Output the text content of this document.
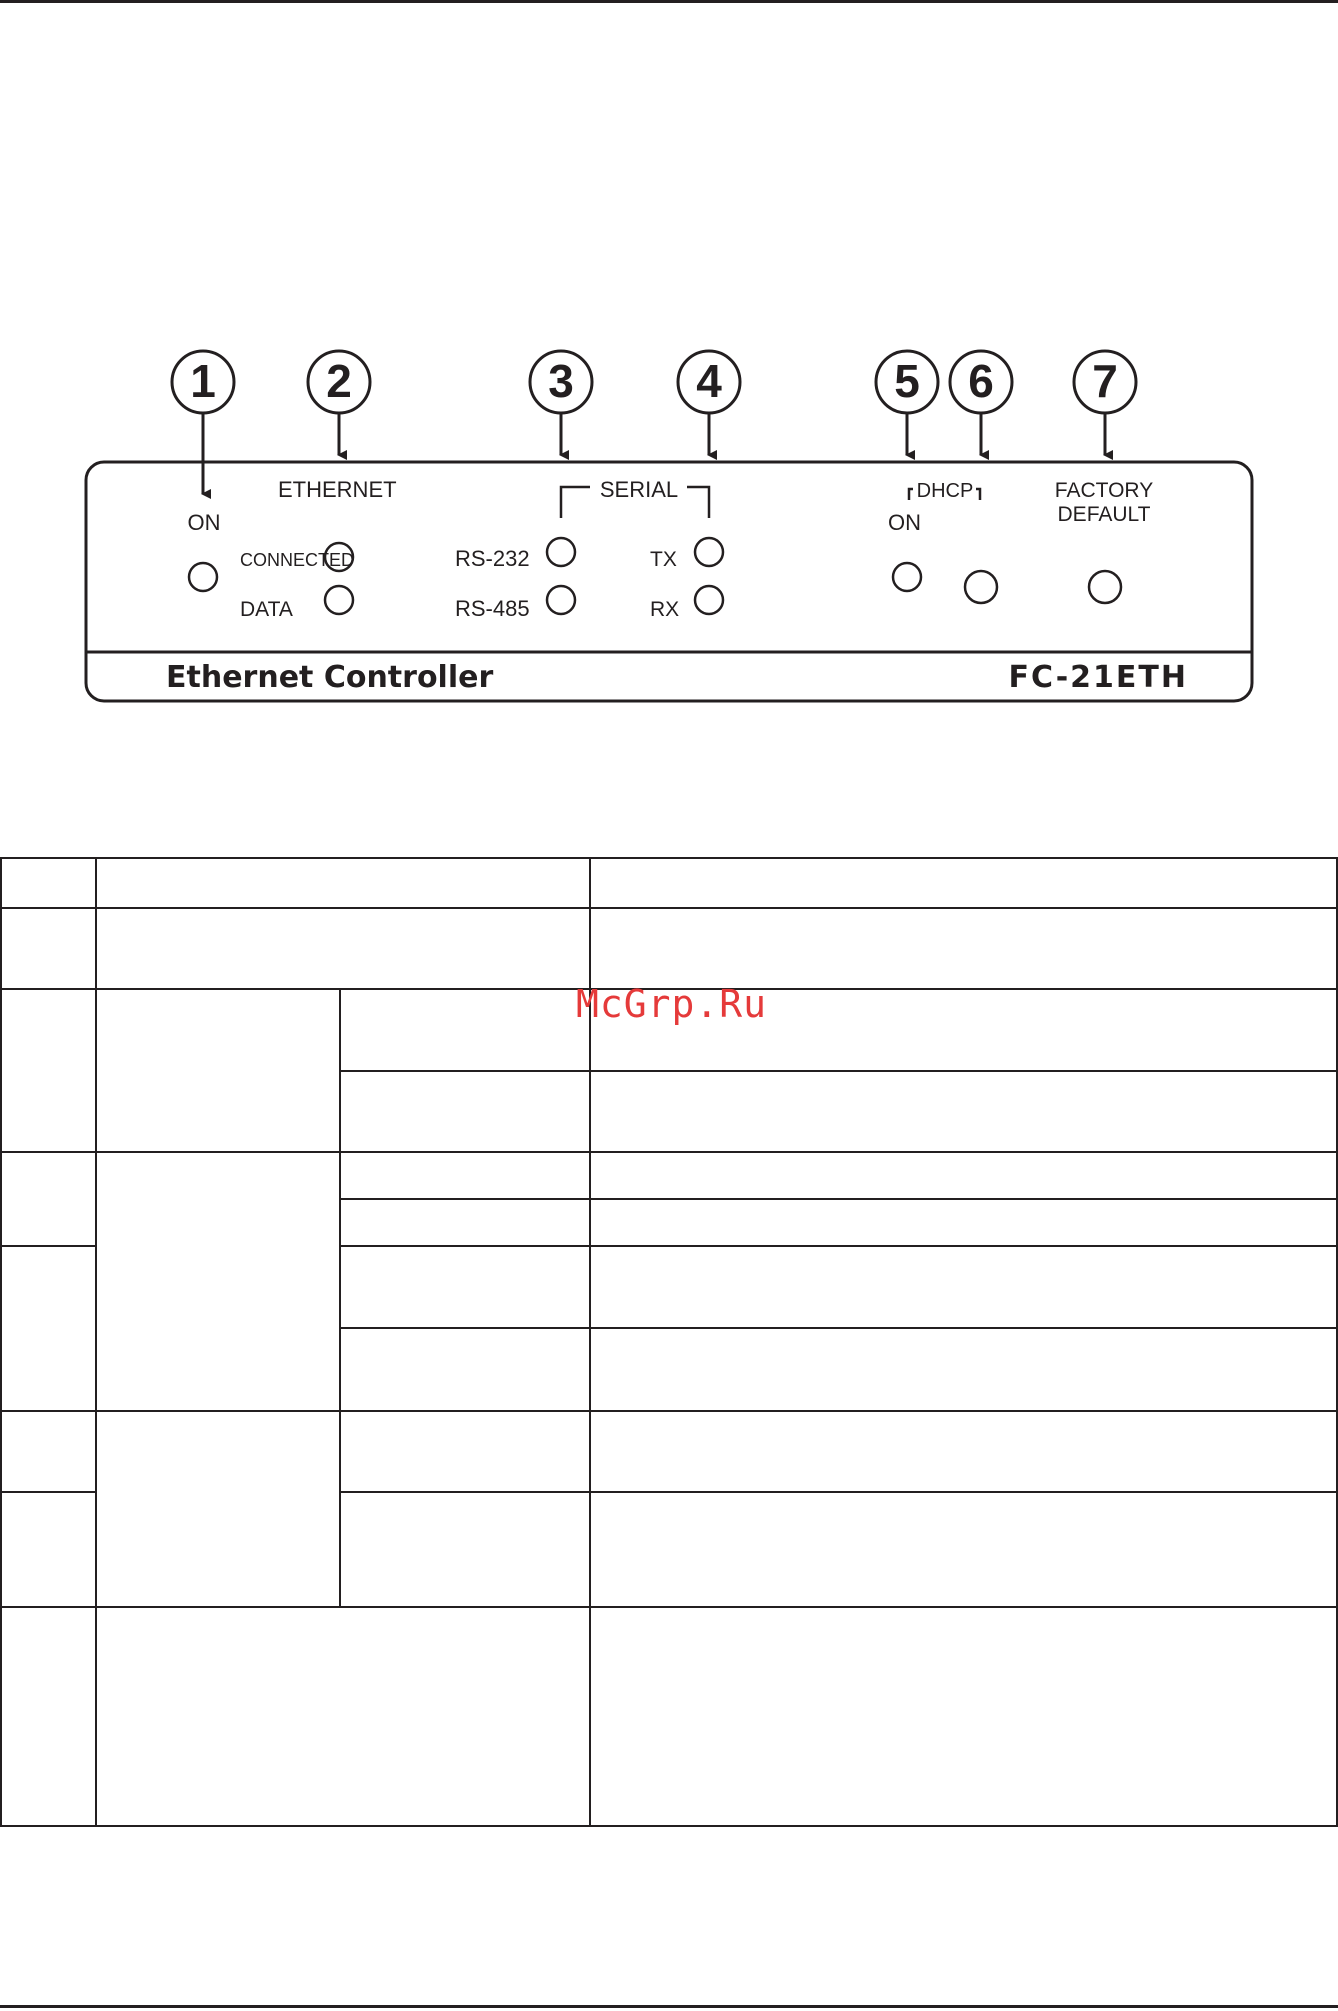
1 2	3	4	5 6 7
ON
ETHERNET
CONNECTED
DATA
SERIAL
RS-232
RS-485
TX
RX
DHCP
ON
FACTORY
DEFAULT
Ethernet Controller	FC-21ETH

McGrp.Ru
